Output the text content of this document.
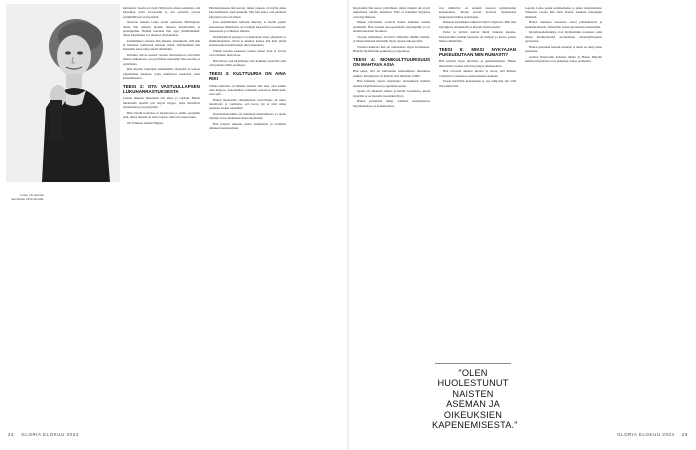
Leino oli suoraan kuvattuna 1950-luvulla.

kulttuurin. Suomi oli vielä 1900-luvun alussa sellainen, että kirjailijan työtä arvostettiin ja sen sanottiin olevan pohjimmiltaan sivistystyötä.

Nuorena naisena Leino aloitti opintonsa Helsingissä, missä hän tutustui moniin aikansa kirjailijoihin ja ajattelijoihin. Heidän kauttaan hän oppi ymmärtämään, miten kirjallisuus voi muuttaa yhteiskuntaa.

Ensimmäiset runonsa hän julkaisi salanimellä, sillä hän ei halunnut perheensä tietävän niistä. Myöhemmin hän kuitenkin astui esiin omalla nimellään.

Kriitikot ottivat teokset vastaan ristiriitaisesti. Osa ihaili hänen rohkeuttaan, osa piti hänen tekstejään liian suorina ja poliittisina.

Hän kirjoitti kuitenkin sinnikkäästi eteenpäin ja kokosi ympärilleen lukijoita, jotka tunnistivat teksteistä omat kokemuksensa.

TEESI 2: OTA VASTUULLAPSEN LUKUHARRASTUKSESTA

Leinon mukaan lukemisen tuli alkaa jo varhain. Hänen mielestään lapsille piti tarjota kirjoja, jotka herättävät uteliaisuutta ja kysymyksiä.

Hän vieraili kouluissa ja kirjastoissa ja puhui opettajille siitä, miten tärkeää on antaa lapsen valita itse luettavansa.

Oli Tammen Aamua Hippua.

Päiväkirjoissaan hän kuvasi, miten vaikeaa oli löytää aikaa kirjoittamiselle arjen keskellä. Silti hän uskoi, että jokainen kirjoitettu sivu oli tärkeä.

Kun ensimmäinen romaani ilmestyi, se herätti paljon keskustelua lehdistössä. Arvostelijat kirjoittivat sen kielestä, rakenteesta ja rohkeista aiheista.

Kirjailijaliiton jäsenyys toi mukanaan uusia yhteyksiä ja mahdollisuuksia. Olvin ja muiden kanssa hän kävi pitkiä keskusteluja kirjallisuuden tulevaisuudesta.

Tämän kauden keskeiset teokset kuten Satu ja Toveri ovat edelleen luettavissa.

Hän halusi, että kirjallisuus olisi kaikkien saatavilla eikä vain pienen eliitin etuoikeus.

TEESI 3: KULTTUURIA ON AINA RIKI

Vaikka kulttuuri oli hänelle tärkeää, hän tiesi, ettei kaikki ollut helppoa. Taloudelliset vaikeudet seurasivat häntä koko uran ajan.

Hänen mielestään yhteiskunnan velvollisuus oli tukea taiteilijoita ja varmistaa, että luova työ ei jäisi rahan puutteen vuoksi tekemättä.

Kustannusmaailma oli kuitenkin muuttumassa, ja uudet toimijat toivat mukanaan uusia käytäntöjä.

Hän kirjoitti aiheesta useita artikkeleita ja osallistui julkiseen keskusteluun.

Kirjeissään hän kertoi ystävilleen, miten tärkeää oli pysyä uskollisena omalle äänelleen. Hän ei halunnut kirjoittaa vain myydäkseen.

Matkat ulkomaille avasivat hänen silmänsä uusille ajatuksille. Hän tutustui eurooppalaisiin kirjailijoihin ja toi heidän ideoitaan Suomeen.

Teosten käännökset levisivät vähitellen muihin maihin, ja hänen nimensä tunnettiin myös rajojen ulkopuolella.

Vuosien kuluessa hän sai tunnustusta myös kotimaassa. Hänelle myönnettiin palkintoja ja apurahoja.

TEESI 4: MONIKULTTUURISUUS ON MAHTAVA ASIA

Hän uskoi, että eri kulttuurien kohtaaminen rikastuttaa kaikkia. Kirjallisuus oli hänelle silta ihmisten välillä.

Hän kannusti nuoria kirjoittajia tutustumaan muiden maiden kirjallisuuteen ja oppimaan kieliä.

Ajatus oli aikanaan rohkea ja herätti vastustusta, mutta nykyään se on monelle itsestäänselvyys.

Hänen perintönsä näkyy edelleen suomalaisessa kirjallisuudessa ja keskustelussa.

von vähittelyä on etenkin nuorten kirjailijoiden keskuudessa. Monet heistä kertovat löytäneensä inspiraatiota hänen teoksistaan.

Ranskan kirjallisuus kiinnosti häntä erityisesti. Hän luki kirjailijoita alkukielellä ja kirjoitti heistä esseitä.

Perhe ja ystävät tukivat häntä vaikeina aikoina. Kirjeenvaihto heidän kanssaan on säilynyt ja kertoo paljon hänen elämästään.

TEESI 5: MIKSI NYKYAJAN PUKEUDUTAAN NIIN RUMASTI?

Hän kirjoitti myös muodista ja pukeutumisesta. Hänen mielestään vaatteet kertoivat paljon aikakaudesta.

Hän arvosteli aikansa muotia ja toivoi, että ihmiset valitsisivat vaatteensa oman makunsa mukaan.

Esseet herättivät keskustelua ja osa lukijoista piti niitä liian kärkevinä.

Lopulta Leino palasi kotimaahansa ja jatkoi kirjoittamista. Viimeiset vuodet hän vietti maalla, kaukana kaupungin hälinästä.

Hänen viimeiset teoksensa olivat pohdiskelevia ja henkilökohtaisia. Niissä hän palasi nuoruutensa muistoihin.

Kirjallisuudentutkijat ovat myöhemmin nostaneet esiin hänen merkityksensä suomalaisen naiskirjallisuuden pioneerina.

Hänen teoksiaan luetaan edelleen ja niistä on tehty uusia painoksia.

Audrey Hepburnin kaltaiset tähdet ja Hanna Mikolin kaltaiset kirjoittajat ovat jatkaneet samaa perinnettä.

"OLEN HUOLESTUNUT NAISTEN ASEMAN JA OIKEUKSIEN KAPENEMISESTA."
24 GLORIA ELOKUU 2024	GLORIA ELOKUU 2024 25
